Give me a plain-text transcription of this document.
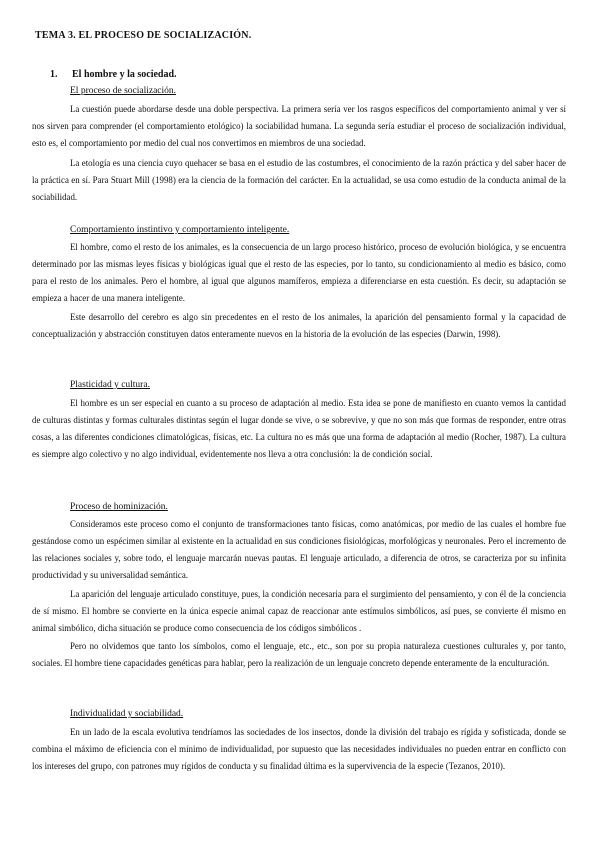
TEMA 3. EL PROCESO DE SOCIALIZACIÓN.
1. El hombre y la sociedad.
El proceso de socialización.
La cuestión puede abordarse desde una doble perspectiva. La primera sería ver los rasgos específicos del comportamiento animal y ver si nos sirven para comprender (el comportamiento etológico) la sociabilidad humana. La segunda sería estudiar el proceso de socialización individual, esto es, el comportamiento por medio del cual nos convertimos en miembros de una sociedad.
La etología es una ciencia cuyo quehacer se basa en el estudio de las costumbres, el conocimiento de la razón práctica y del saber hacer de la práctica en sí. Para Stuart Mill (1998) era la ciencia de la formación del carácter. En la actualidad, se usa como estudio de la conducta animal de la sociabilidad.
Comportamiento instintivo y comportamiento inteligente.
El hombre, como el resto de los animales, es la consecuencia de un largo proceso histórico, proceso de evolución biológica, y se encuentra determinado por las mismas leyes físicas y biológicas igual que el resto de las especies, por lo tanto, su condicionamiento al medio es básico, como para el resto de los animales. Pero el hombre, al igual que algunos mamíferos, empieza a diferenciarse en esta cuestión. Es decir, su adaptación se empieza a hacer de una manera inteligente.
Este desarrollo del cerebro es algo sin precedentes en el resto de los animales, la aparición del pensamiento formal y la capacidad de conceptualización y abstracción constituyen datos enteramente nuevos en la historia de la evolución de las especies (Darwin, 1998).
Plasticidad y cultura.
El hombre es un ser especial en cuanto a su proceso de adaptación al medio. Esta idea se pone de manifiesto en cuanto vemos la cantidad de culturas distintas y formas culturales distintas según el lugar donde se vive, o se sobrevive, y que no son más que formas de responder, entre otras cosas, a las diferentes condiciones climatológicas, físicas, etc. La cultura no es más que una forma de adaptación al medio (Rocher, 1987). La cultura es siempre algo colectivo y no algo individual, evidentemente nos lleva a otra conclusión: la de condición social.
Proceso de hominización.
Consideramos este proceso como el conjunto de transformaciones tanto físicas, como anatómicas, por medio de las cuales el hombre fue gestándose como un espécimen similar al existente en la actualidad en sus condiciones fisiológicas, morfológicas y neuronales. Pero el incremento de las relaciones sociales y, sobre todo, el lenguaje marcarán nuevas pautas. El lenguaje articulado, a diferencia de otros, se caracteriza por su infinita productividad y su universalidad semántica.
La aparición del lenguaje articulado constituye, pues, la condición necesaria para el surgimiento del pensamiento, y con él de la conciencia de sí mismo. El hombre se convierte en la única especie animal capaz de reaccionar ante estímulos simbólicos, así pues, se convierte él mismo en animal simbólico, dicha situación se produce como consecuencia de los códigos simbólicos .
Pero no olvidemos que tanto los símbolos, como el lenguaje, etc., etc., son por su propia naturaleza cuestiones culturales y, por tanto, sociales. El hombre tiene capacidades genéticas para hablar, pero la realización de un lenguaje concreto depende enteramente de la enculturación.
Individualidad y sociabilidad.
En un lado de la escala evolutiva tendríamos las sociedades de los insectos, donde la división del trabajo es rígida y sofisticada, donde se combina el máximo de eficiencia con el mínimo de individualidad, por supuesto que las necesidades individuales no pueden entrar en conflicto con los intereses del grupo, con patrones muy rígidos de conducta y su finalidad última es la supervivencia de la especie (Tezanos, 2010).
